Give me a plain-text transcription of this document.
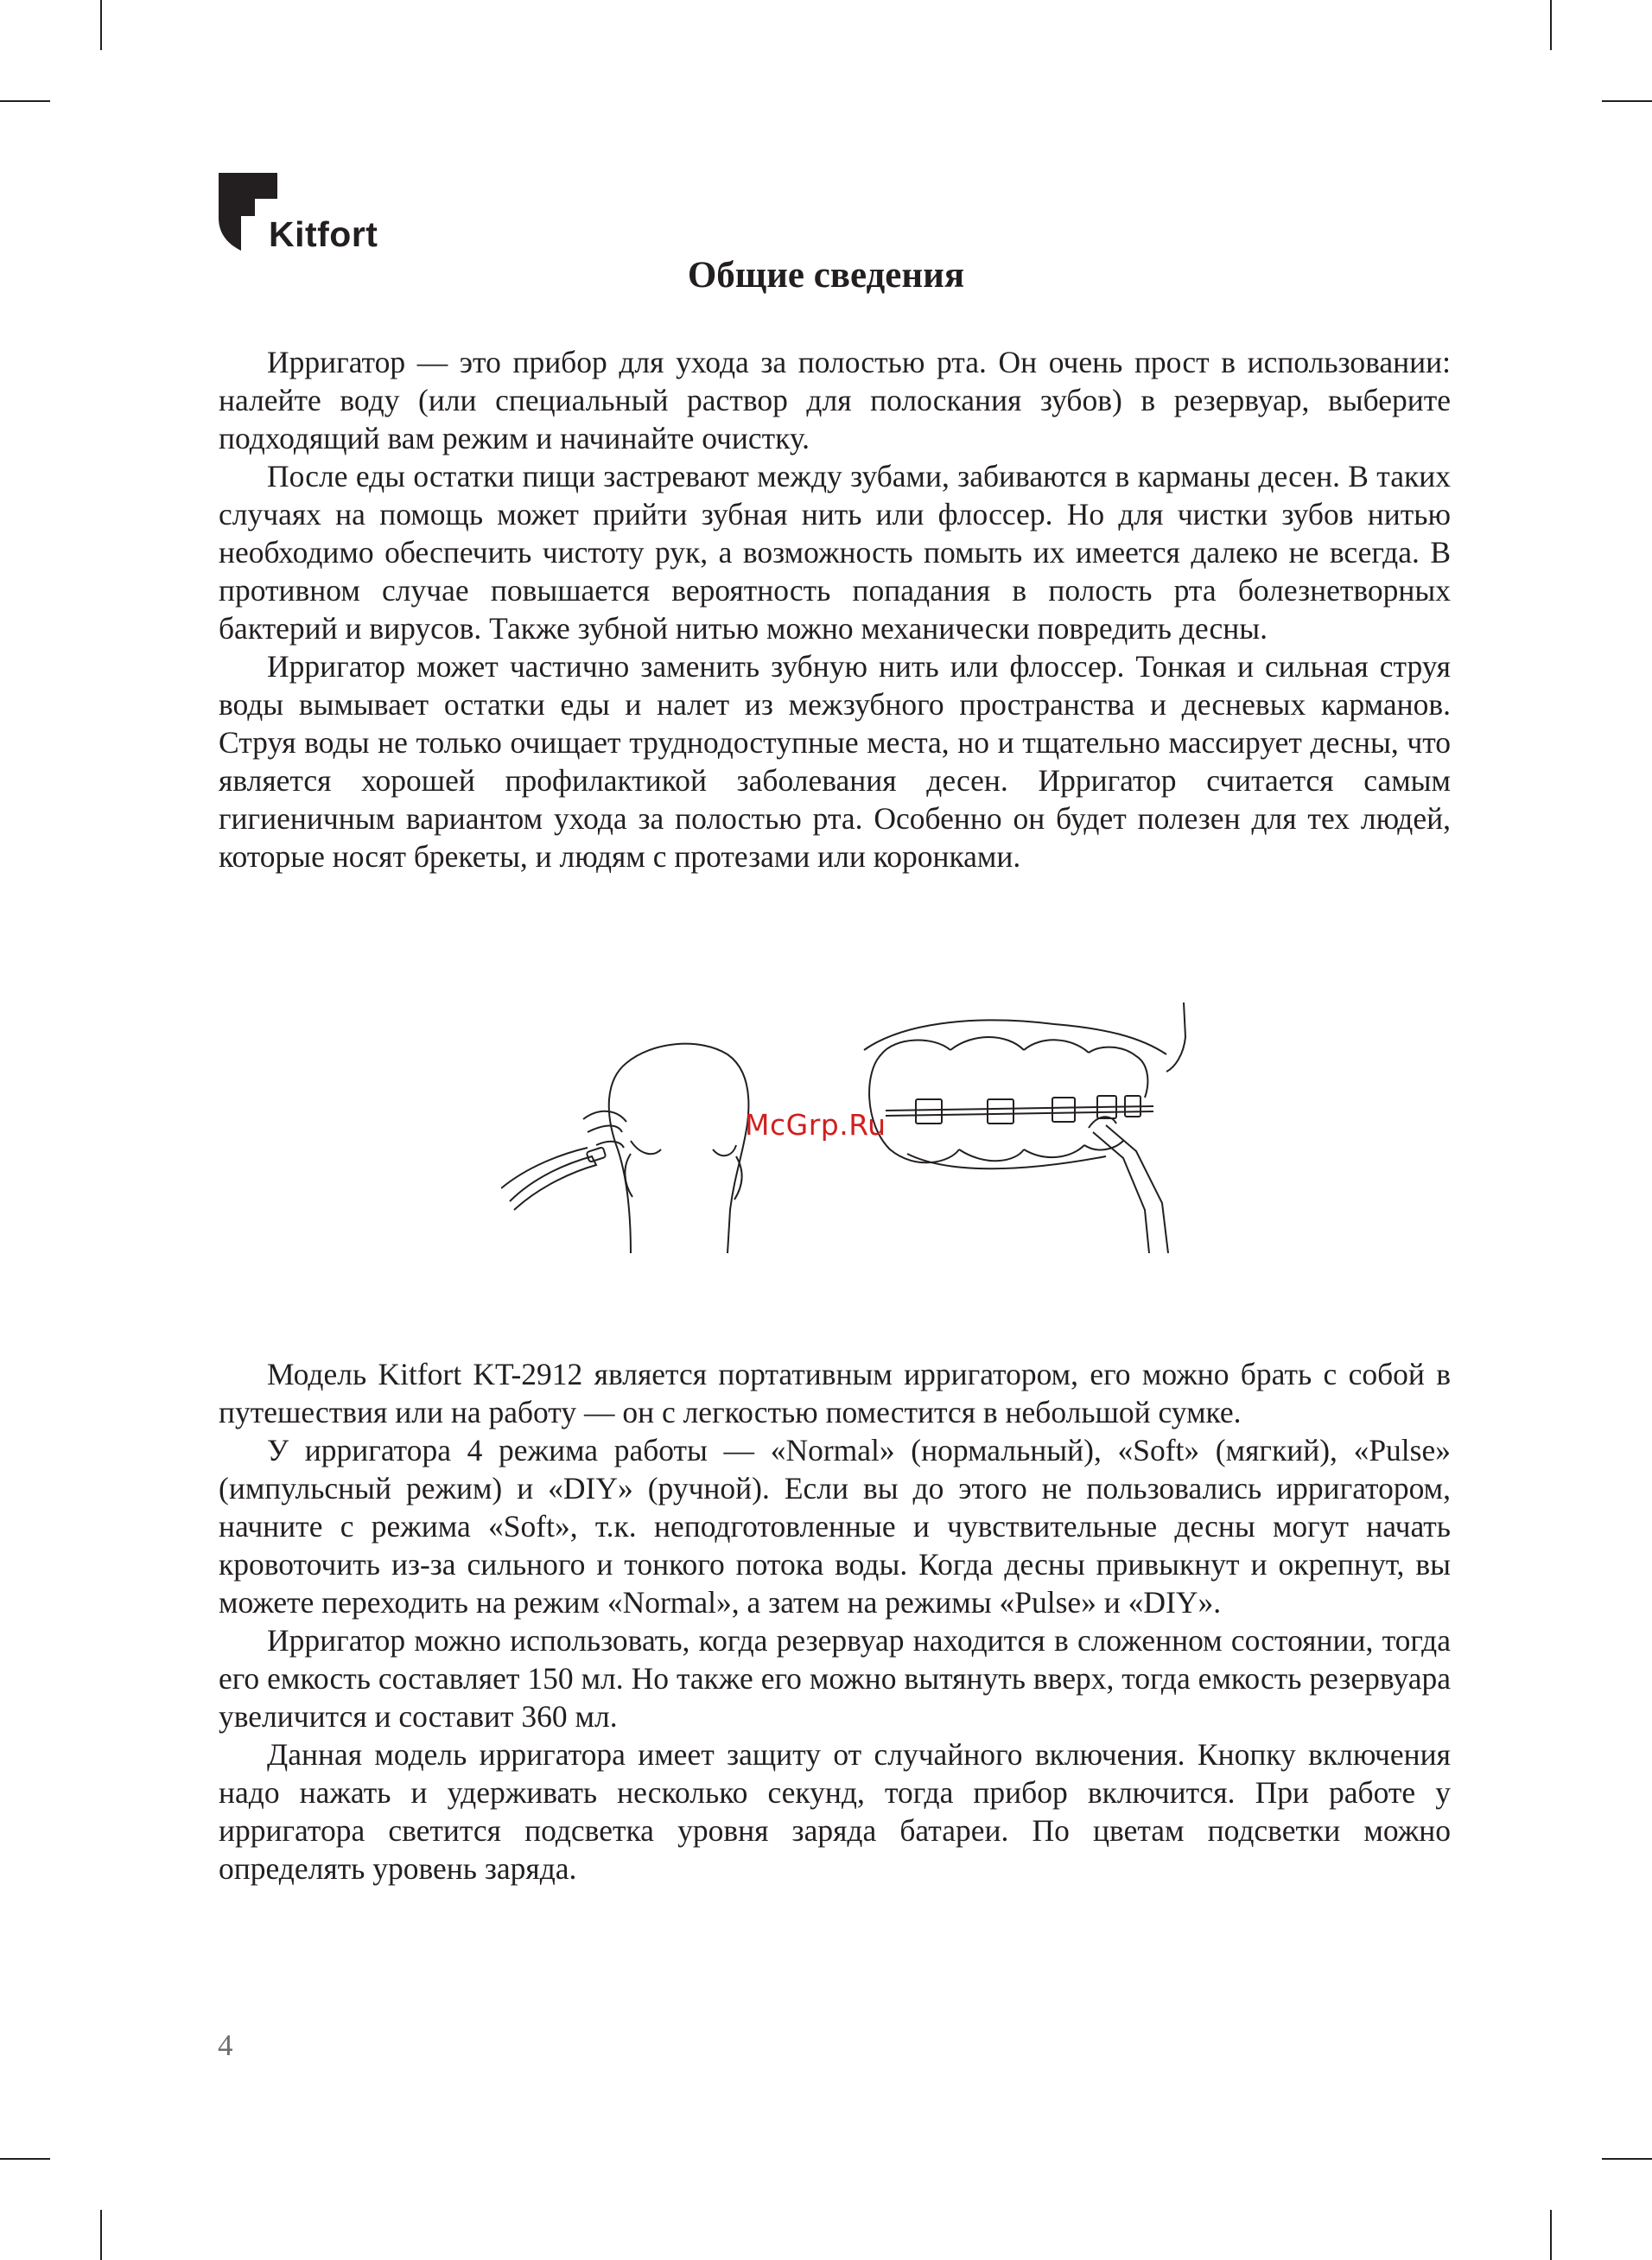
Kitfort
Общие сведения

Ирригатор — это прибор для ухода за полостью рта. Он очень прост в использовании: налейте воду (или специальный раствор для полоскания зубов) в резервуар, выберите подходящий вам режим и начинайте очистку.

После еды остатки пищи застревают между зубами, забиваются в карманы десен. В таких случаях на помощь может прийти зубная нить или флоссер. Но для чистки зубов нитью необходимо обеспечить чистоту рук, а возможность помыть их имеется далеко не всегда. В противном случае повышается вероятность попадания в полость рта болезнетворных бактерий и вирусов. Также зубной нитью можно механически повредить десны.

Ирригатор может частично заменить зубную нить или флоссер. Тонкая и сильная струя воды вымывает остатки еды и налет из межзубного пространства и десневых карманов. Струя воды не только очищает труднодоступные места, но и тщательно массирует десны, что является хорошей профилактикой заболевания десен. Ирригатор считается самым гигиеничным вариантом ухода за полостью рта. Особенно он будет полезен для тех людей, которые носят брекеты, и людям с протезами или коронками.

McGrp.Ru

Модель Kitfort KT-2912 является портативным ирригатором, его можно брать с собой в путешествия или на работу — он с легкостью поместится в небольшой сумке.

У ирригатора 4 режима работы — «Normal» (нормальный), «Soft» (мягкий), «Pulse» (импульсный режим) и «DIY» (ручной). Если вы до этого не пользовались ирригатором, начните с режима «Soft», т.к. неподготовленные и чувствительные десны могут начать кровоточить из-за сильного и тонкого потока воды. Когда десны привыкнут и окрепнут, вы можете переходить на режим «Normal», а затем на режимы «Pulse» и «DIY».

Ирригатор можно использовать, когда резервуар находится в сложенном состоянии, тогда его емкость составляет 150 мл. Но также его можно вытянуть вверх, тогда емкость резервуара увеличится и составит 360 мл.

Данная модель ирригатора имеет защиту от случайного включения. Кнопку включения надо нажать и удерживать несколько секунд, тогда прибор включится. При работе у ирригатора светится подсветка уровня заряда батареи. По цветам подсветки можно определять уровень заряда.

4
